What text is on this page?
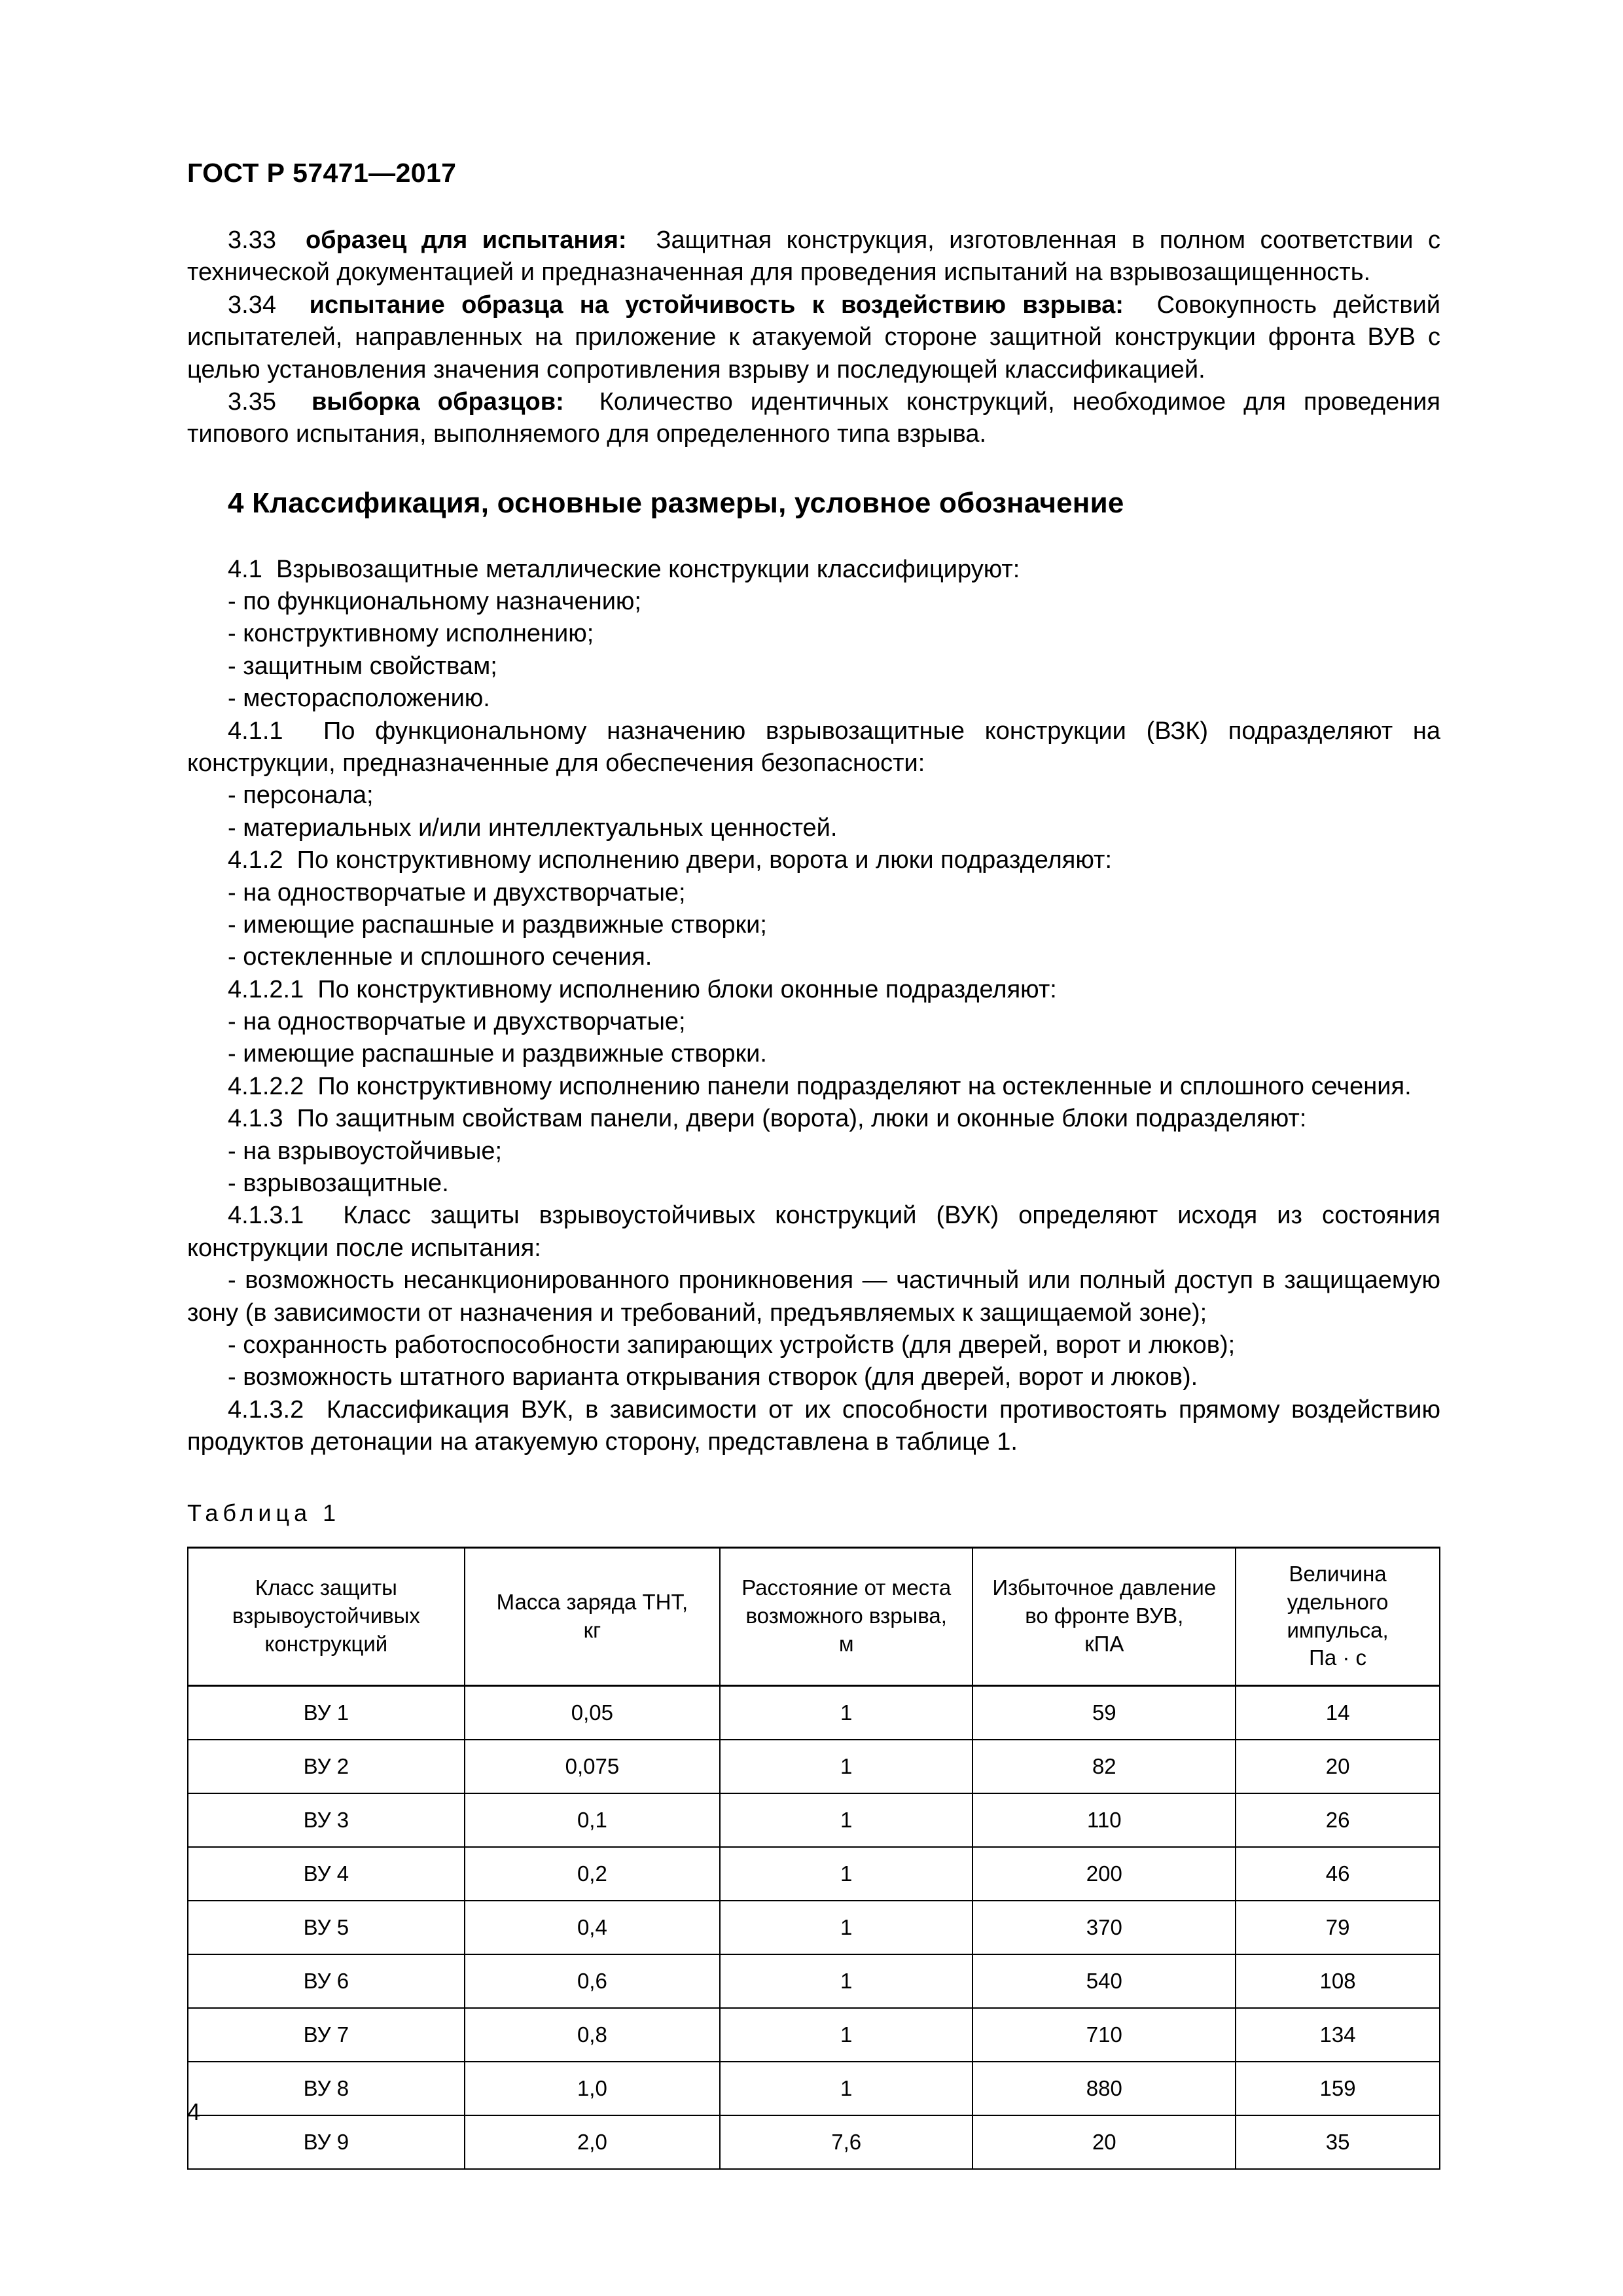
ГОСТ Р 57471—2017

3.33 образец для испытания: Защитная конструкция, изготовленная в полном соответствии с технической документацией и предназначенная для проведения испытаний на взрывозащищенность.

3.34 испытание образца на устойчивость к воздействию взрыва: Совокупность действий испытателей, направленных на приложение к атакуемой стороне защитной конструкции фронта ВУВ с целью установления значения сопротивления взрыву и последующей классификацией.

3.35 выборка образцов: Количество идентичных конструкций, необходимое для проведения типового испытания, выполняемого для определенного типа взрыва.

4 Классификация, основные размеры, условное обозначение

4.1 Взрывозащитные металлические конструкции классифицируют:

- по функциональному назначению;

- конструктивному исполнению;

- защитным свойствам;

- месторасположению.

4.1.1 По функциональному назначению взрывозащитные конструкции (ВЗК) подразделяют на конструкции, предназначенные для обеспечения безопасности:

- персонала;

- материальных и/или интеллектуальных ценностей.

4.1.2 По конструктивному исполнению двери, ворота и люки подразделяют:

- на одностворчатые и двухстворчатые;

- имеющие распашные и раздвижные створки;

- остекленные и сплошного сечения.

4.1.2.1 По конструктивному исполнению блоки оконные подразделяют:

- на одностворчатые и двухстворчатые;

- имеющие распашные и раздвижные створки.

4.1.2.2 По конструктивному исполнению панели подразделяют на остекленные и сплошного сечения.

4.1.3 По защитным свойствам панели, двери (ворота), люки и оконные блоки подразделяют:

- на взрывоустойчивые;

- взрывозащитные.

4.1.3.1 Класс защиты взрывоустойчивых конструкций (ВУК) определяют исходя из состояния конструкции после испытания:

- возможность несанкционированного проникновения — частичный или полный доступ в защищаемую зону (в зависимости от назначения и требований, предъявляемых к защищаемой зоне);

- сохранность работоспособности запирающих устройств (для дверей, ворот и люков);

- возможность штатного варианта открывания створок (для дверей, ворот и люков).

4.1.3.2 Классификация ВУК, в зависимости от их способности противостоять прямому воздействию продуктов детонации на атакуемую сторону, представлена в таблице 1.

Таблица 1
Класс защиты
взрывоустойчивых
конструкций	Масса заряда ТНТ,
кг	Расстояние от места
возможного взрыва,
м	Избыточное давление
во фронте ВУВ,
кПА	Величина удельного
импульса,
Па · с

ВУ 1	0,05	1	59	14
ВУ 2	0,075	1	82	20
ВУ 3	0,1	1	110	26
ВУ 4	0,2	1	200	46
ВУ 5	0,4	1	370	79
ВУ 6	0,6	1	540	108
ВУ 7	0,8	1	710	134
ВУ 8	1,0	1	880	159
ВУ 9	2,0	7,6	20	35
4
